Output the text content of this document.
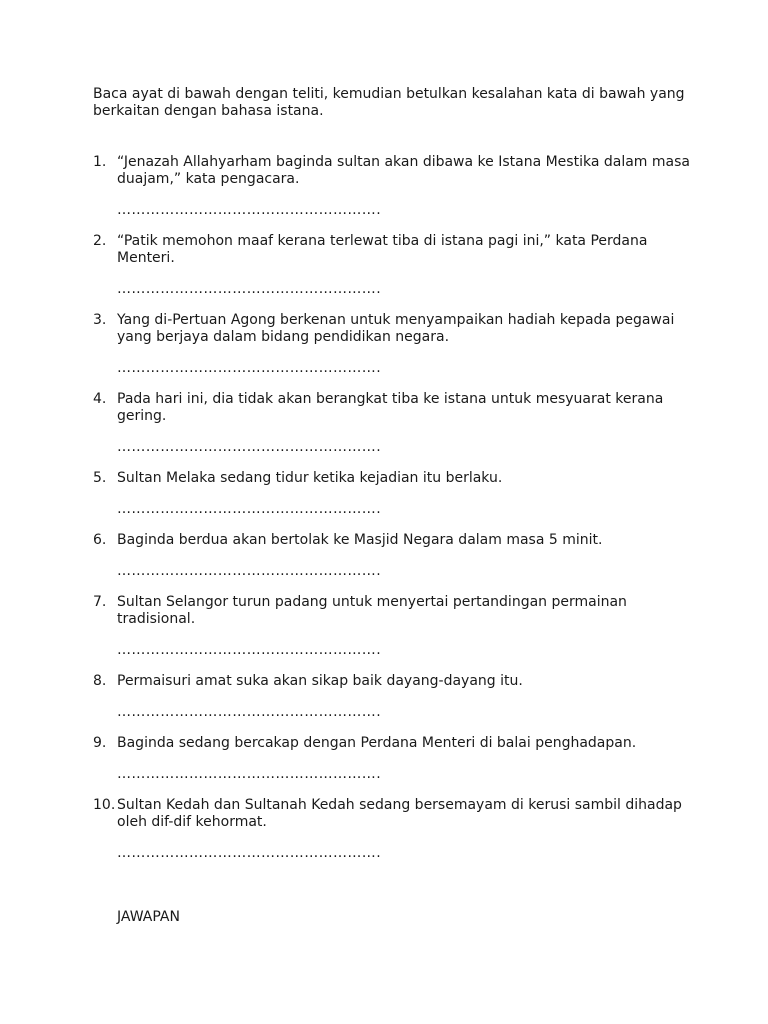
Baca ayat di bawah dengan teliti, kemudian betulkan kesalahan kata di bawah yang berkaitan dengan bahasa istana.
1. “Jenazah Allahyarham baginda sultan akan dibawa ke Istana Mestika dalam masa duajam,” kata pengacara.
……………………………………………….
2. “Patik memohon maaf kerana terlewat tiba di istana pagi ini,” kata Perdana Menteri.
……………………………………………….
3. Yang di-Pertuan Agong berkenan untuk menyampaikan hadiah kepada pegawai yang berjaya dalam bidang pendidikan negara.
……………………………………………….
4. Pada hari ini, dia tidak akan berangkat tiba ke istana untuk mesyuarat kerana gering.
……………………………………………….
5. Sultan Melaka sedang tidur ketika kejadian itu berlaku.
……………………………………………….
6. Baginda berdua akan bertolak ke Masjid Negara dalam masa 5 minit.
……………………………………………….
7. Sultan Selangor turun padang untuk menyertai pertandingan permainan tradisional.
……………………………………………….
8. Permaisuri amat suka akan sikap baik dayang-dayang itu.
……………………………………………….
9. Baginda sedang bercakap dengan Perdana Menteri di balai penghadapan.
……………………………………………….
10. Sultan Kedah dan Sultanah Kedah sedang bersemayam di kerusi sambil dihadap oleh dif-dif kehormat.
……………………………………………….
JAWAPAN
